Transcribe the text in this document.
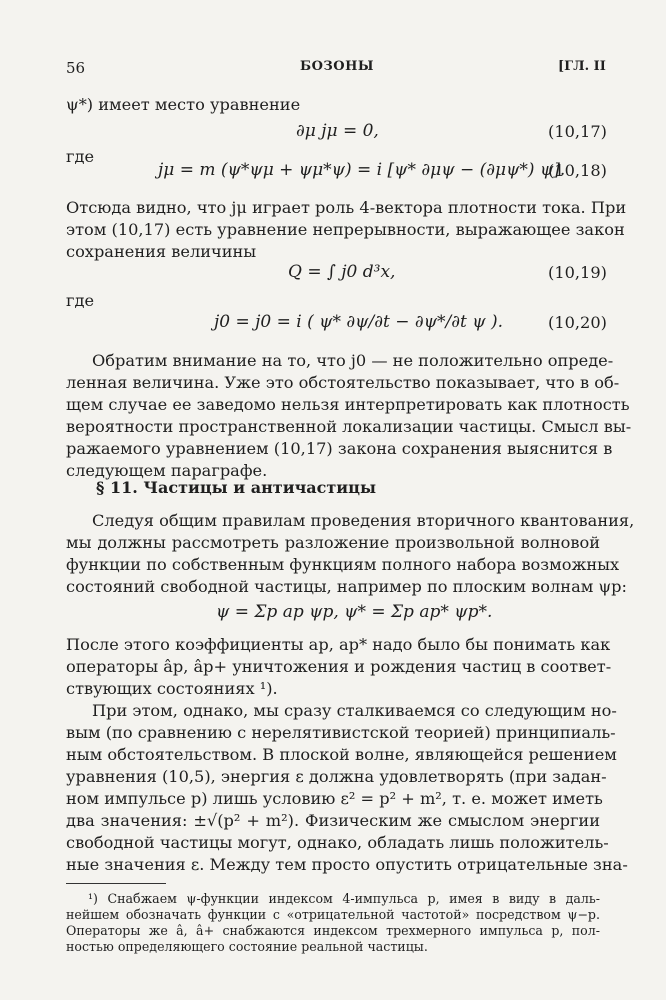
56	БОЗОНЫ	[ГЛ. II
ψ*) имеет место уравнение
∂μ jμ = 0,	(10,17)
где
jμ = m (ψ*ψμ + ψμ*ψ) = i [ψ* ∂μψ − (∂μψ*) ψ].
(10,18)
Отсюда видно, что jμ играет роль 4-вектора плотности тока. При
этом (10,17) есть уравнение непрерывности, выражающее закон
сохранения величины
Q = ∫ j0 d³x,	(10,19)
где
j0 = j0 = i ( ψ* ∂ψ/∂t − ∂ψ*/∂t ψ ).	(10,20)
Обратим внимание на то, что j0 — не положительно опреде-
ленная величина. Уже это обстоятельство показывает, что в об-
щем случае ее заведомо нельзя интерпретировать как плотность
вероятности пространственной локализации частицы. Смысл вы-
ражаемого уравнением (10,17) закона сохранения выяснится в
следующем параграфе.
§ 11. Частицы и античастицы
Следуя общим правилам проведения вторичного квантования,
мы должны рассмотреть разложение произвольной волновой
функции по собственным функциям полного набора возможных
состояний свободной частицы, например по плоским волнам ψp:
ψ = Σp ap ψp, ψ* = Σp ap* ψp*.
После этого коэффициенты ap, ap* надо было бы понимать как
операторы âp, âp+ уничтожения и рождения частиц в соответ-
ствующих состояниях ¹).
При этом, однако, мы сразу сталкиваемся со следующим но-
вым (по сравнению с нерелятивистской теорией) принципиаль-
ным обстоятельством. В плоской волне, являющейся решением
уравнения (10,5), энергия ε должна удовлетворять (при задан-
ном импульсе p) лишь условию ε² = p² + m², т. е. может иметь
два значения: ±√(p² + m²). Физическим же смыслом энергии
свободной частицы могут, однако, обладать лишь положитель-
ные значения ε. Между тем просто опустить отрицательные зна-
¹) Снабжаем ψ-функции индексом 4-импульса p, имея в виду в даль-
нейшем обозначать функции с «отрицательной частотой» посредством ψ−p.
Операторы же â, â+ снабжаются индексом трехмерного импульса p, пол-
ностью определяющего состояние реальной частицы.
